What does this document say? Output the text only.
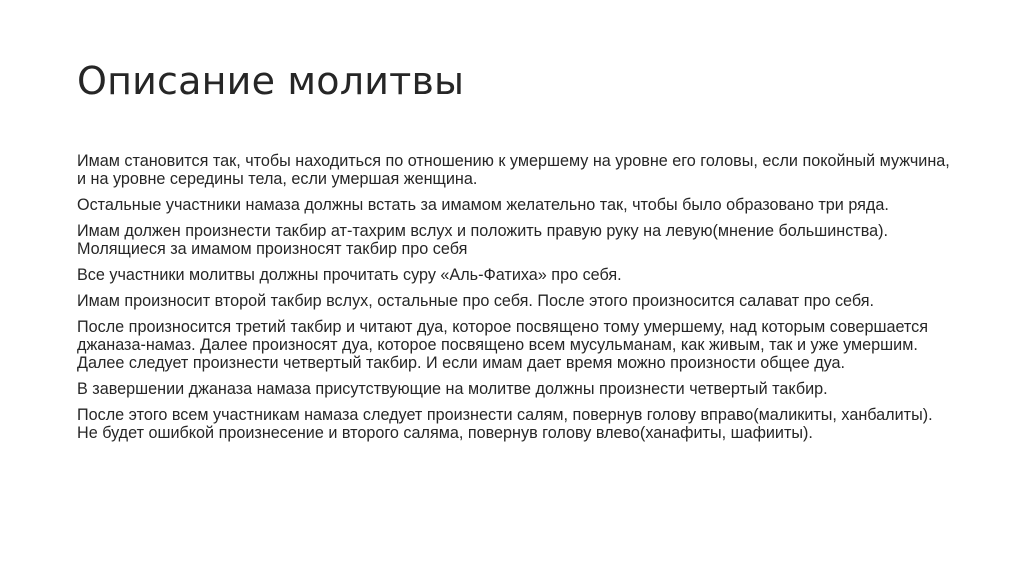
Описание молитвы
Имам становится так, чтобы находиться по отношению к умершему на уровне его головы, если покойный мужчина, и на уровне середины тела, если умершая женщина.
Остальные участники намаза должны встать за имамом желательно так, чтобы было образовано три ряда.
Имам должен произнести такбир ат-тахрим вслух и положить правую руку на левую(мнение большинства). Молящиеся за имамом произносят такбир про себя
Все участники молитвы должны прочитать суру «Аль-Фатиха» про себя.
Имам произносит второй такбир вслух, остальные про себя. После этого произносится салават про себя.
После произносится третий такбир и читают дуа, которое посвящено тому умершему, над которым совершается джаназа-намаз. Далее произносят дуа, которое посвящено всем мусульманам, как живым, так и уже умершим. Далее следует произнести четвертый такбир. И если имам дает время можно произности общее дуа.
В завершении джаназа намаза присутствующие на молитве должны произнести четвертый такбир.
После этого всем участникам намаза следует произнести салям, повернув голову вправо(маликиты, ханбалиты). Не будет ошибкой произнесение и второго саляма, повернув голову влево(ханафиты, шафииты).
